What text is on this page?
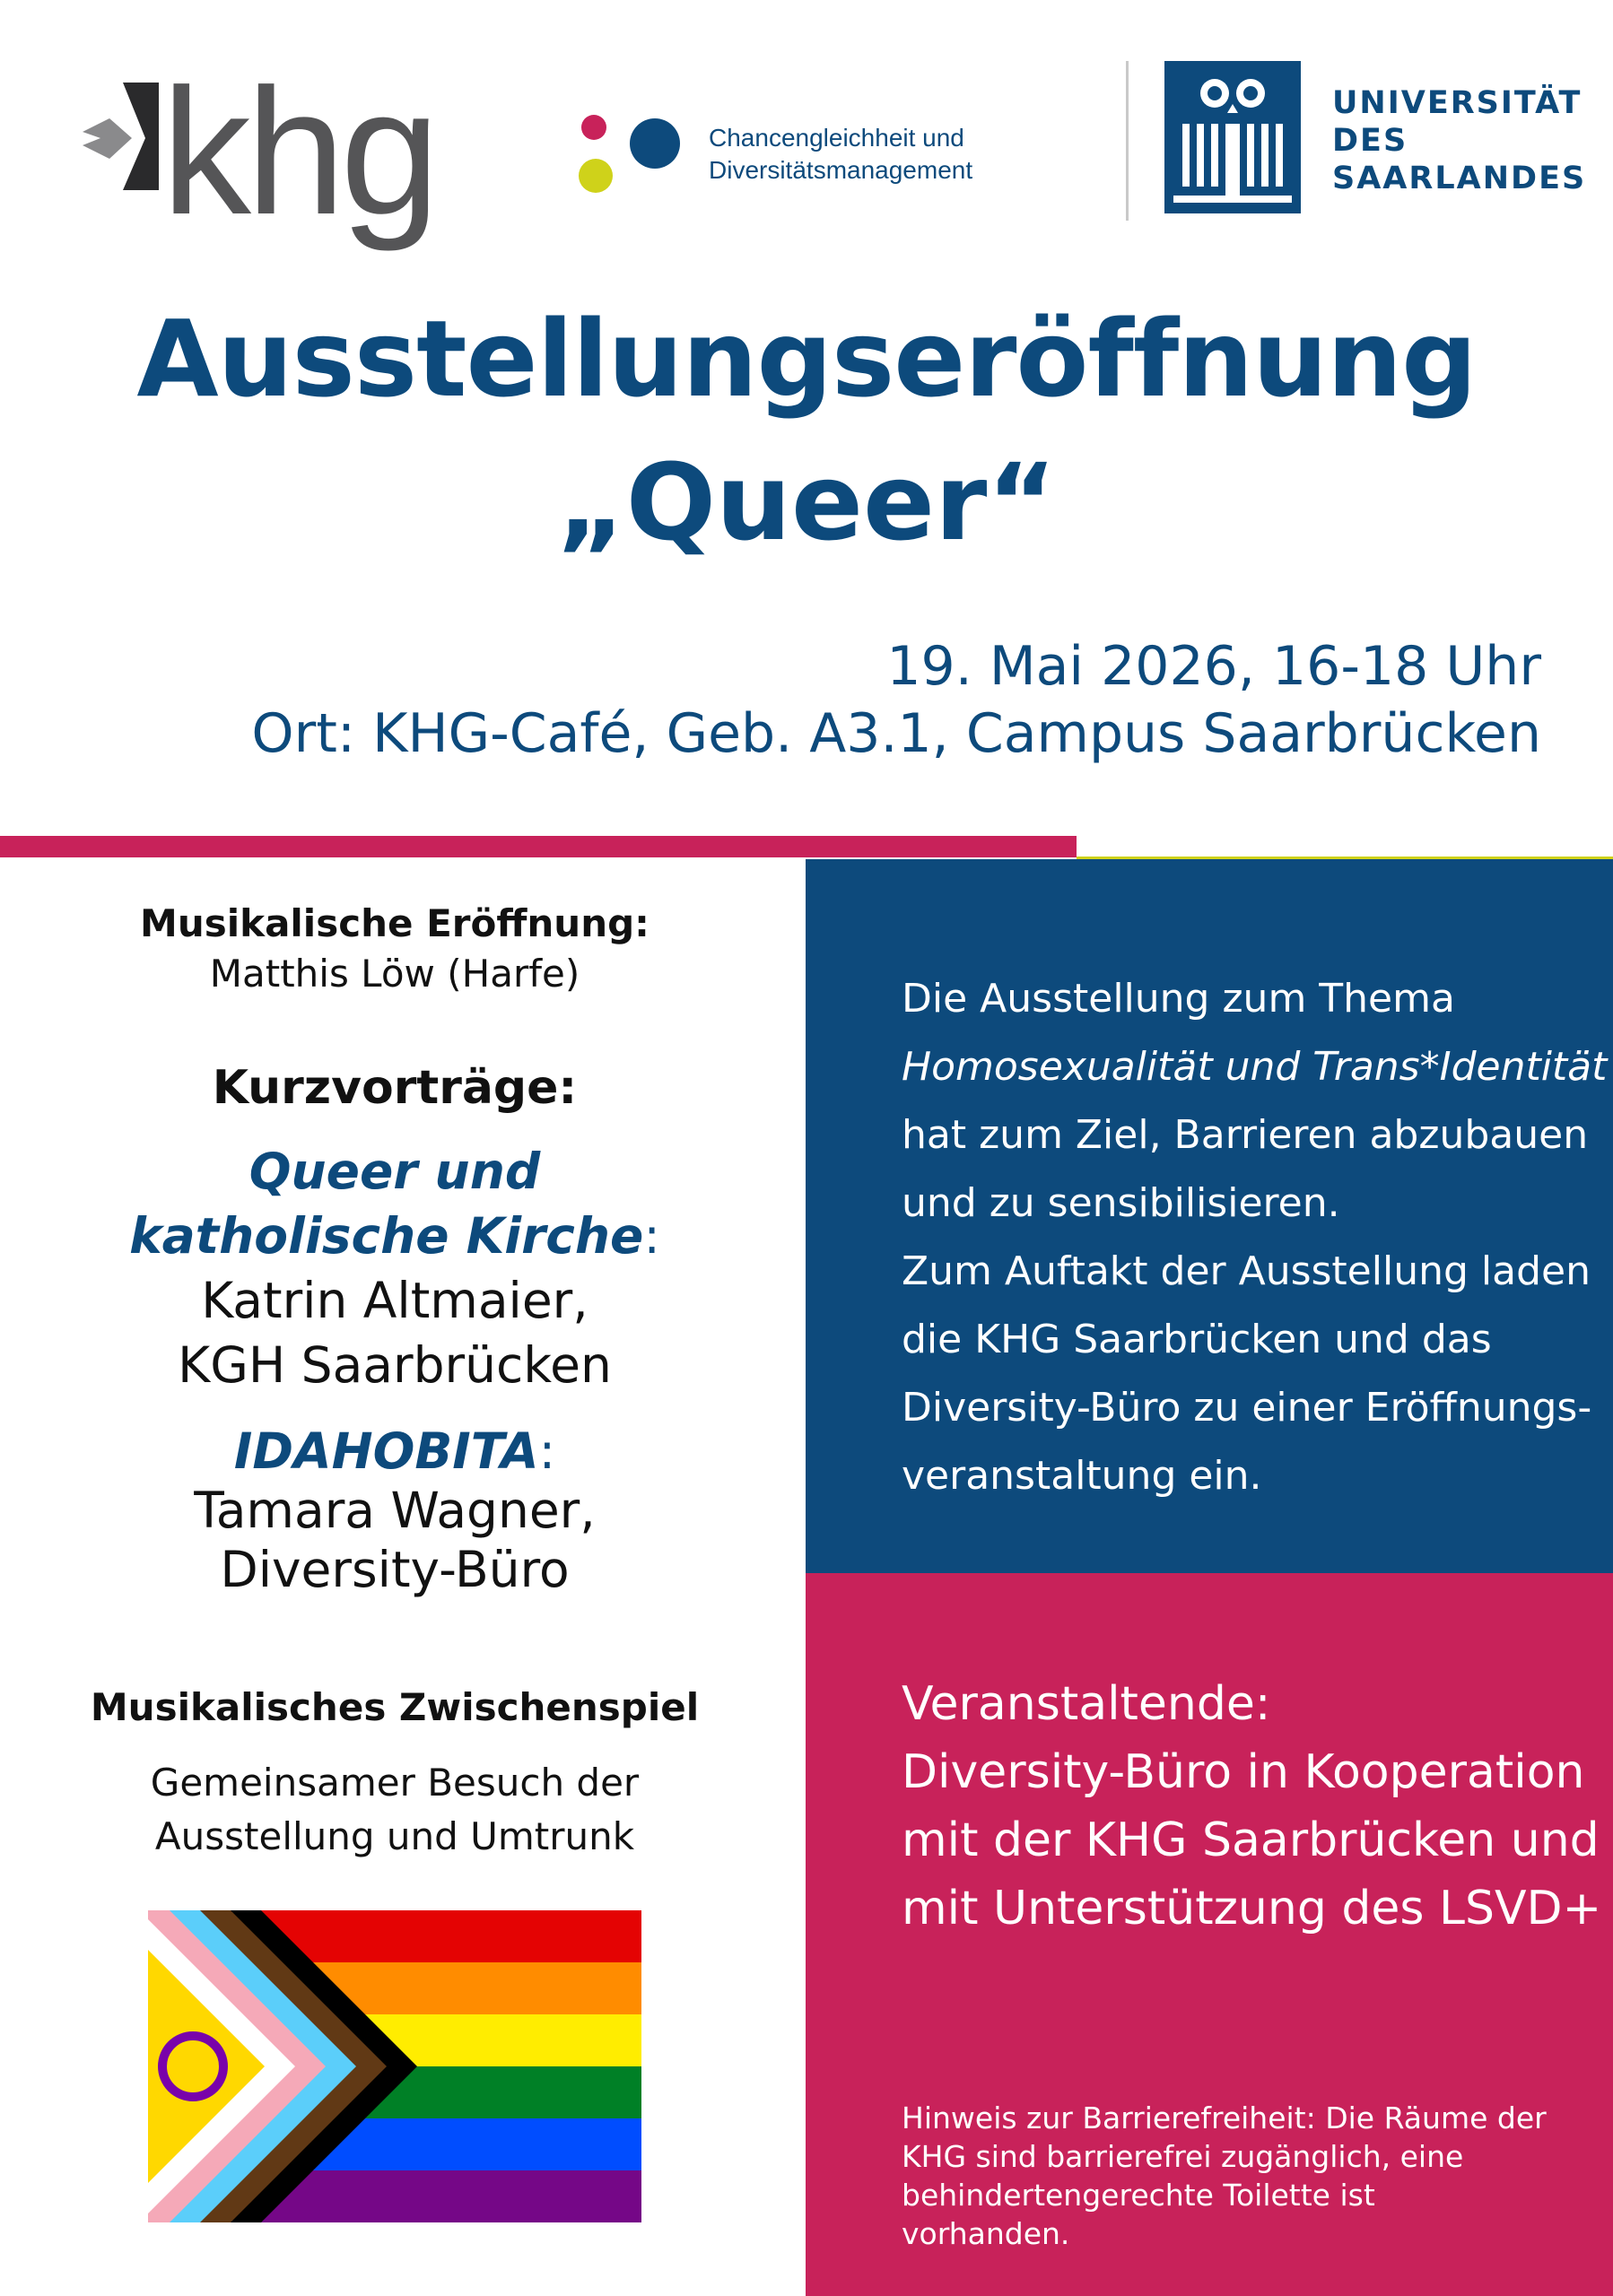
khg	Chancengleichheit und
Diversitätsmanagement
UNIVERSITÄT
DES
SAARLANDES
Ausstellungseröffnung
„Queer“
19. Mai 2026, 16-18 Uhr
Ort: KHG-Café, Geb. A3.1, Campus Saarbrücken
Musikalische Eröffnung:
Matthis Löw (Harfe)
Kurzvorträge:
Queer und
katholische Kirche:
Katrin Altmaier,
KGH Saarbrücken
IDAHOBITA:
Tamara Wagner,
Diversity-Büro
Musikalisches Zwischenspiel
Gemeinsamer Besuch der
Ausstellung und Umtrunk
Die Ausstellung zum Thema
Homosexualität und Trans*Identität
hat zum Ziel, Barrieren abzubauen
und zu sensibilisieren.
Zum Auftakt der Ausstellung laden
die KHG Saarbrücken und das
Diversity-Büro zu einer Eröffnungs-
veranstaltung ein.
Veranstaltende:
Diversity-Büro in Kooperation
mit der KHG Saarbrücken und
mit Unterstützung des LSVD+
Hinweis zur Barrierefreiheit: Die Räume der
KHG sind barrierefrei zugänglich, eine
behindertengerechte Toilette ist vorhanden.
